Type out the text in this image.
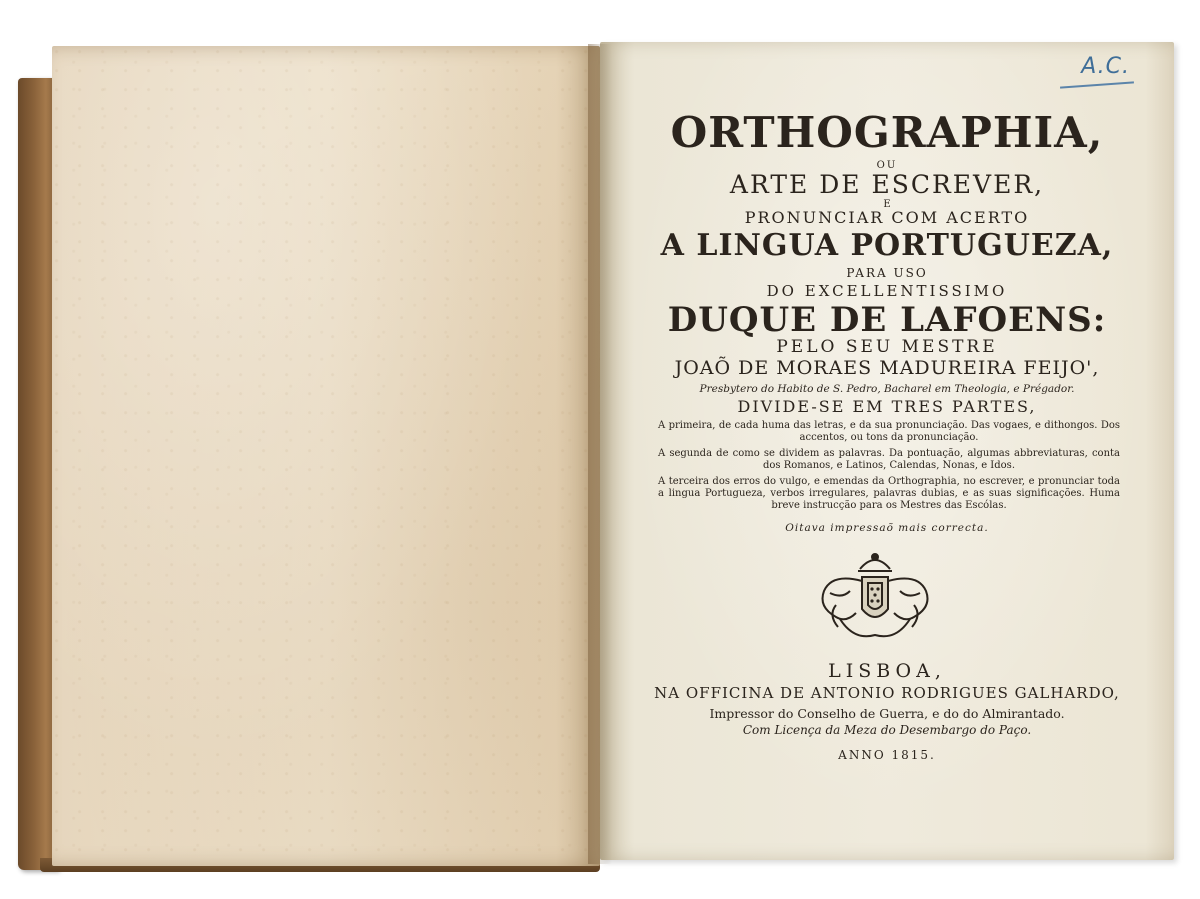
A.C.
ORTHOGRAPHIA,
OU
ARTE DE ESCREVER,
E
PRONUNCIAR COM ACERTO
A LINGUA PORTUGUEZA,
PARA USO
DO EXCELLENTISSIMO
DUQUE DE LAFOENS:
PELO SEU MESTRE
JOAÕ DE MORAES MADUREIRA FEIJO',
Presbytero do Habito de S. Pedro, Bacharel em Theologia, e Prégador.
DIVIDE-SE EM TRES PARTES,
A primeira, de cada huma das letras, e da sua pronunciação. Das vogaes, e dithongos. Dos accentos, ou tons da pronunciação.
A segunda de como se dividem as palavras. Da pontuação, algumas abbreviaturas, conta dos Romanos, e Latinos, Calendas, Nonas, e Idos.
A terceira dos erros do vulgo, e emendas da Orthographia, no escrever, e pronunciar toda a lingua Portugueza, verbos irregulares, palavras dubias, e as suas significações. Huma breve instrucção para os Mestres das Escólas.
Oitava impressaõ mais correcta.
LISBOA,
NA OFFICINA DE ANTONIO RODRIGUES GALHARDO,
Impressor do Conselho de Guerra, e do do Almirantado.
Com Licença da Meza do Desembargo do Paço.
ANNO 1815.
